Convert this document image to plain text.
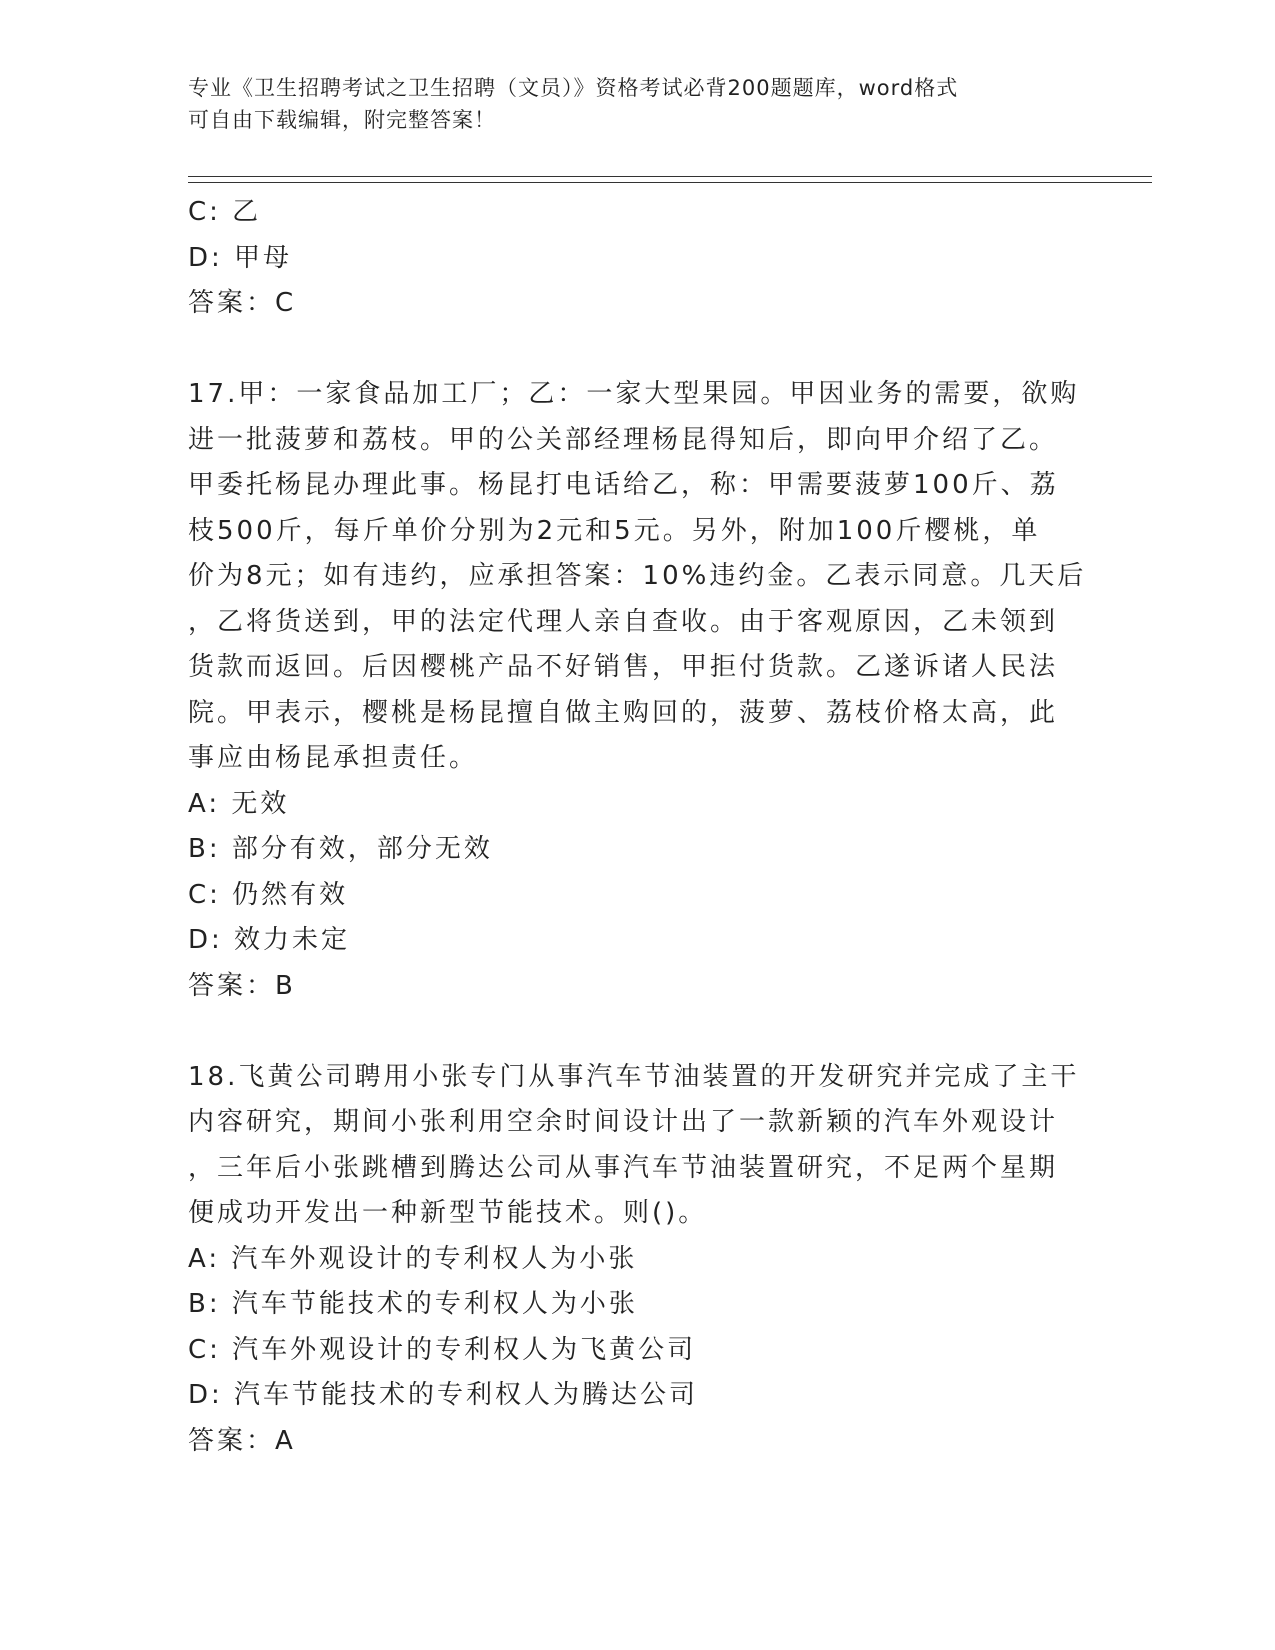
专业《卫生招聘考试之卫生招聘（文员）》资格考试必背200题题库，word格式
可自由下载编辑，附完整答案！
C: 乙
D: 甲母
答案：C
17.甲：一家食品加工厂；乙：一家大型果园。甲因业务的需要，欲购
进一批菠萝和荔枝。甲的公关部经理杨昆得知后，即向甲介绍了乙。
甲委托杨昆办理此事。杨昆打电话给乙，称：甲需要菠萝100斤、荔
枝500斤，每斤单价分别为2元和5元。另外，附加100斤樱桃，单
价为8元；如有违约，应承担答案：10%违约金。乙表示同意。几天后
，乙将货送到，甲的法定代理人亲自查收。由于客观原因，乙未领到
货款而返回。后因樱桃产品不好销售，甲拒付货款。乙遂诉诸人民法
院。甲表示，樱桃是杨昆擅自做主购回的，菠萝、荔枝价格太高，此
事应由杨昆承担责任。
A: 无效
B: 部分有效，部分无效
C: 仍然有效
D: 效力未定
答案：B
18.飞黄公司聘用小张专门从事汽车节油装置的开发研究并完成了主干
内容研究，期间小张利用空余时间设计出了一款新颖的汽车外观设计
，三年后小张跳槽到腾达公司从事汽车节油装置研究，不足两个星期
便成功开发出一种新型节能技术。则()。
A: 汽车外观设计的专利权人为小张
B: 汽车节能技术的专利权人为小张
C: 汽车外观设计的专利权人为飞黄公司
D: 汽车节能技术的专利权人为腾达公司
答案：A
